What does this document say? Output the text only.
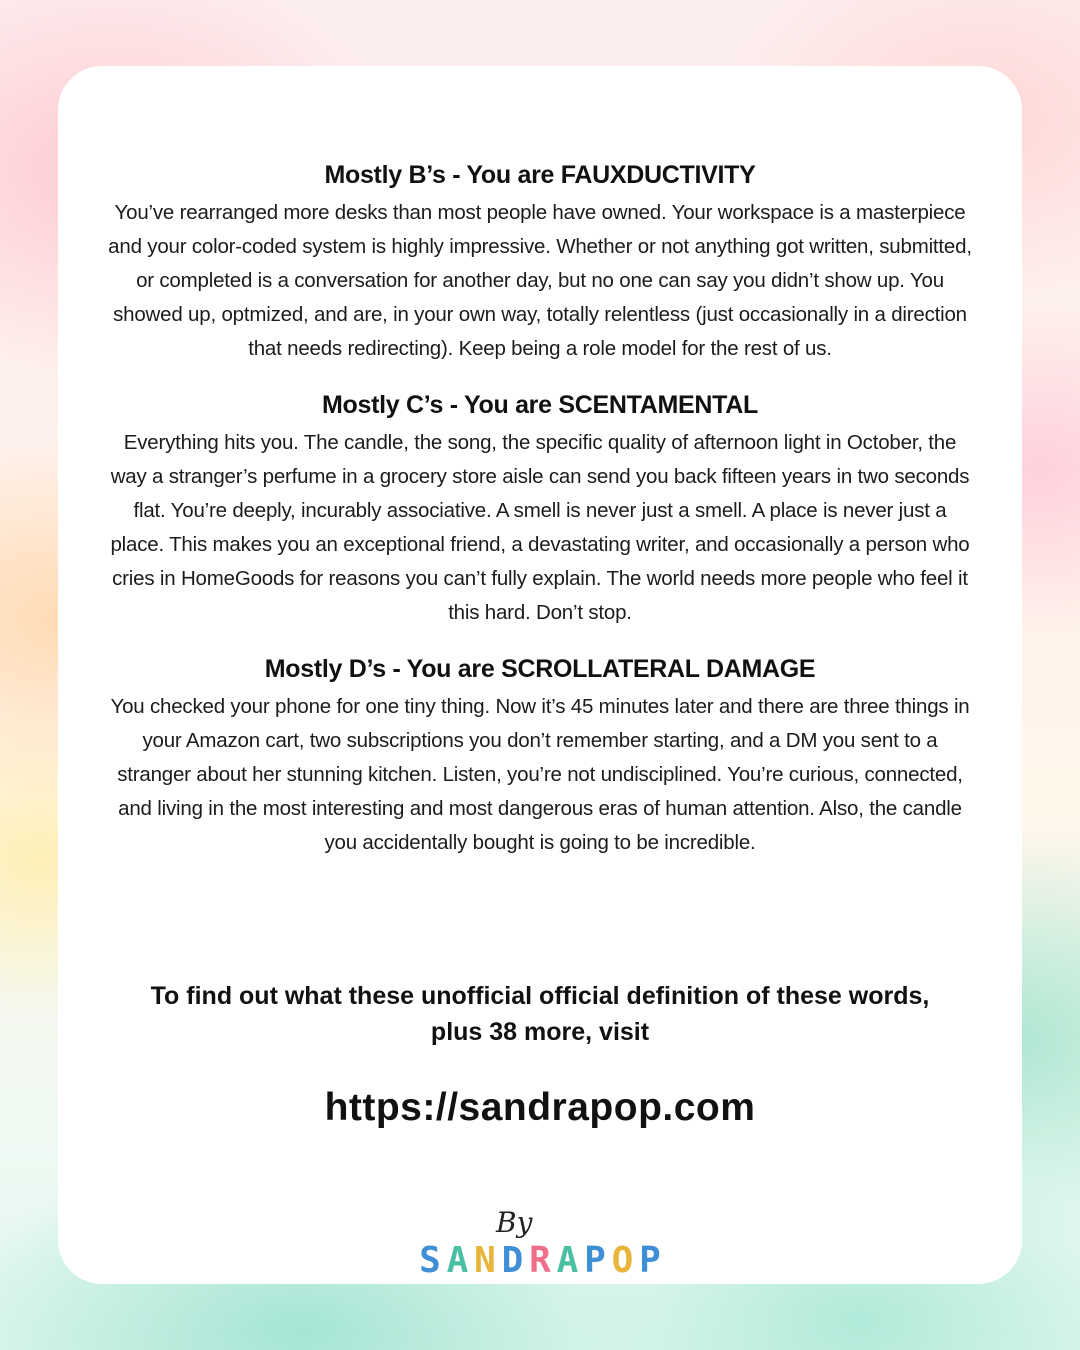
Mostly B’s - You are FAUXDUCTIVITY

You’ve rearranged more desks than most people have owned. Your workspace is a masterpiece and your color-coded system is highly impressive. Whether or not anything got written, submitted, or completed is a conversation for another day, but no one can say you didn’t show up. You showed up, optmized, and are, in your own way, totally relentless (just occasionally in a direction that needs redirecting). Keep being a role model for the rest of us.

Mostly C’s - You are SCENTAMENTAL

Everything hits you. The candle, the song, the specific quality of afternoon light in October, the way a stranger’s perfume in a grocery store aisle can send you back fifteen years in two seconds flat. You’re deeply, incurably associative. A smell is never just a smell. A place is never just a place. This makes you an exceptional friend, a devastating writer, and occasionally a person who cries in HomeGoods for reasons you can’t fully explain. The world needs more people who feel it this hard. Don’t stop.

Mostly D’s - You are SCROLLATERAL DAMAGE

You checked your phone for one tiny thing. Now it’s 45 minutes later and there are three things in your Amazon cart, two subscriptions you don’t remember starting, and a DM you sent to a stranger about her stunning kitchen. Listen, you’re not undisciplined. You’re curious, connected, and living in the most interesting and most dangerous eras of human attention. Also, the candle you accidentally bought is going to be incredible.

To find out what these unofficial official definition of these words,
plus 38 more, visit
https://sandrapop.com
By
S A N D R A P O P
